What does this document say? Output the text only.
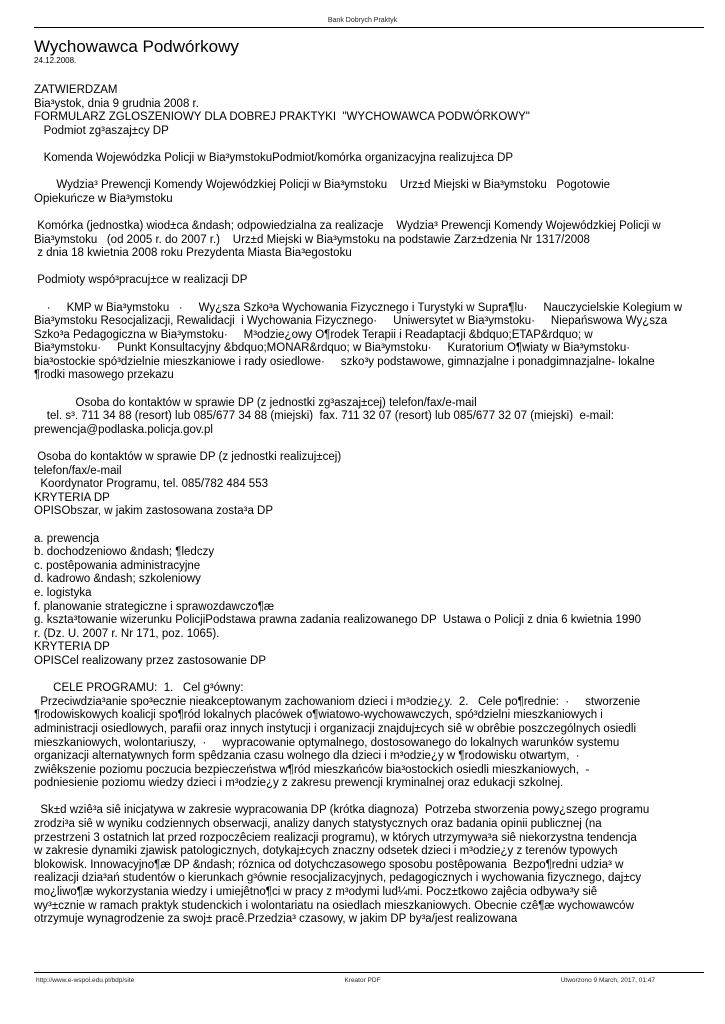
Bank Dobrych Praktyk
Wychowawca Podwórkowy
24.12.2008.
ZATWIERDZAM
Bia³ystok, dnia 9 grudnia 2008 r.
FORMULARZ ZGLOSZENIOWY DLA DOBREJ PRAKTYKI  "WYCHOWAWCA PODWÓRKOWY"
Podmiot zg³aszaj±cy DP
Komenda Wojewódzka Policji w Bia³ymstokuPodmiot/komórka organizacyjna realizuj±ca DP
Wydzia³ Prewencji Komendy Wojewódzkiej Policji w Bia³ymstoku    Urz±d Miejski w Bia³ymstoku   Pogotowie
Opiekuńcze w Bia³ymstoku
Komórka (jednostka) wiod±ca &ndash; odpowiedzialna za realizacje    Wydzia³ Prewencji Komendy Wojewódzkiej Policji w
Bia³ymstoku   (od 2005 r. do 2007 r.)    Urz±d Miejski w Bia³ymstoku na podstawie Zarz±dzenia Nr 1317/2008
z dnia 18 kwietnia 2008 roku Prezydenta Miasta Bia³egostoku
Podmioty wspó³pracuj±ce w realizacji DP
·     KMP w Bia³ymstoku   ·     Wy¿sza Szko³a Wychowania Fizycznego i Turystyki w Supra¶lu·     Nauczycielskie Kolegium w
Bia³ymstoku Resocjalizacji, Rewalidacji  i Wychowania Fizycznego·     Uniwersytet w Bia³ymstoku·     Niepańswowa Wy¿sza
Szko³a Pedagogiczna w Bia³ymstoku·     M³odzie¿owy O¶rodek Terapii i Readaptacji &bdquo;ETAP&rdquo; w
Bia³ymstoku·     Punkt Konsultacyjny &bdquo;MONAR&rdquo; w Bia³ymstoku·     Kuratorium O¶wiaty w Bia³ymstoku·
bia³ostockie spó³dzielnie mieszkaniowe i rady osiedlowe·     szko³y podstawowe, gimnazjalne i ponadgimnazjalne- lokalne
¶rodki masowego przekazu
Osoba do kontaktów w sprawie DP (z jednostki zg³aszaj±cej) telefon/fax/e-mail
tel. s³. 711 34 88 (resort) lub 085/677 34 88 (miejski)  fax. 711 32 07 (resort) lub 085/677 32 07 (miejski)  e-mail:
prewencja@podlaska.policja.gov.pl
Osoba do kontaktów w sprawie DP (z jednostki realizuj±cej)
telefon/fax/e-mail
Koordynator Programu, tel. 085/782 484 553
KRYTERIA DP
OPISObszar, w jakim zastosowana zosta³a DP
a. prewencja
b. dochodzeniowo &ndash; ¶ledczy
c. postêpowania administracyjne
d. kadrowo &ndash; szkoleniowy
e. logistyka
f. planowanie strategiczne i sprawozdawczo¶æ
g. kszta³towanie wizerunku PolicjiPodstawa prawna zadania realizowanego DP  Ustawa o Policji z dnia 6 kwietnia 1990
r. (Dz. U. 2007 r. Nr 171, poz. 1065).
KRYTERIA DP
OPISCel realizowany przez zastosowanie DP
CELE PROGRAMU:  1.   Cel g³ówny:
Przeciwdzia³anie spo³ecznie nieakceptowanym zachowaniom dzieci i m³odzie¿y.  2.   Cele po¶rednie:  ·     stworzenie
¶rodowiskowych koalicji spo¶ród lokalnych placówek o¶wiatowo-wychowawczych, spó³dzielni mieszkaniowych i
administracji osiedlowych, parafii oraz innych instytucji i organizacji znajduj±cych siê w obrêbie poszczególnych osiedli
mieszkaniowych, wolontariuszy,  ·     wypracowanie optymalnego, dostosowanego do lokalnych warunków systemu
organizacji alternatywnych form spêdzania czasu wolnego dla dzieci i m³odzie¿y w ¶rodowisku otwartym,  ·
zwiêkszenie poziomu poczucia bezpieczeństwa w¶ród mieszkańców bia³ostockich osiedli mieszkaniowych,  -
podniesienie poziomu wiedzy dzieci i m³odzie¿y z zakresu prewencji kryminalnej oraz edukacji szkolnej.
Sk±d wziê³a siê inicjatywa w zakresie wypracowania DP (krótka diagnoza)  Potrzeba stworzenia powy¿szego programu
zrodzi³a siê w wyniku codziennych obserwacji, analizy danych statystycznych oraz badania opinii publicznej (na
przestrzeni 3 ostatnich lat przed rozpoczêciem realizacji programu), w których utrzymywa³a siê niekorzystna tendencja
w zakresie dynamiki zjawisk patologicznych, dotykaj±cych znaczny odsetek dzieci i m³odzie¿y z terenów typowych
blokowisk. Innowacyjno¶æ DP &ndash; róznica od dotychczasowego sposobu postêpowania  Bezpo¶redni udzia³ w
realizacji dzia³ań studentów o kierunkach g³ównie resocjalizacyjnych, pedagogicznych i wychowania fizycznego, daj±cy
mo¿liwo¶æ wykorzystania wiedzy i umiejêtno¶ci w pracy z m³odymi lud¼mi. Pocz±tkowo zajêcia odbywa³y siê
wy³±cznie w ramach praktyk studenckich i wolontariatu na osiedlach mieszkaniowych. Obecnie czê¶æ wychowawców
otrzymuje wynagrodzenie za swoj± pracê.Przedzia³ czasowy, w jakim DP by³a/jest realizowana
http://www.e-wspol.edu.pl/bdp/site	Kreator PDF	Utworzono 9 March, 2017, 01:47
